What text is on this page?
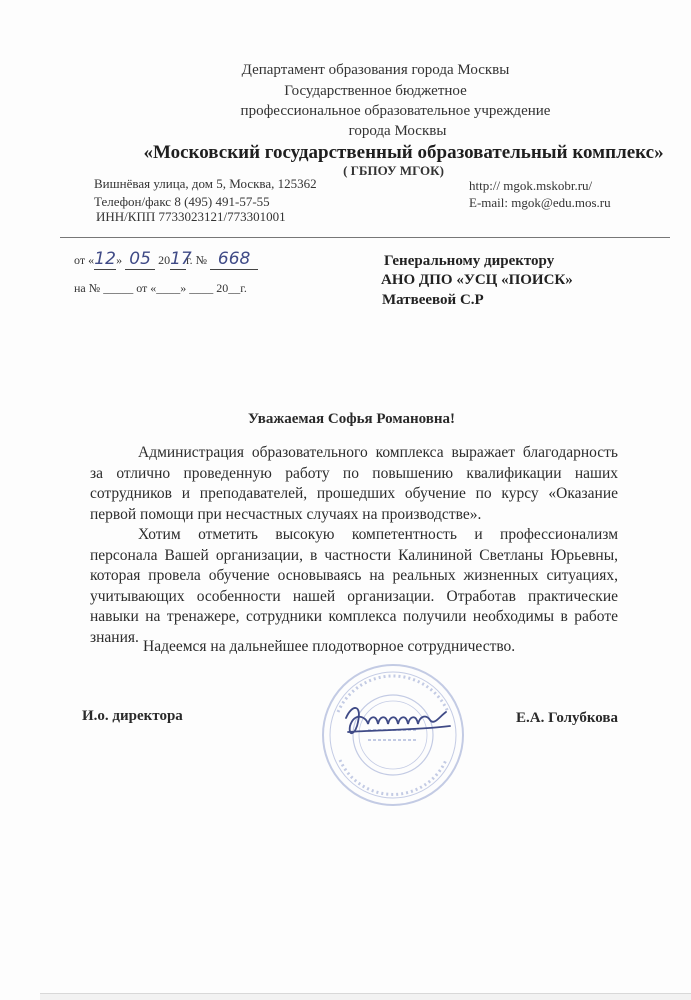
Департамент образования города Москвы
Государственное бюджетное
профессиональное образовательное учреждение
города Москвы
«Московский государственный образовательный комплекс»
( ГБПОУ МГОК)
Вишнёвая улица, дом 5, Москва, 125362
Телефон/факс 8 (495) 491-57-55
ИНН/КПП 7733023121/773301001
http:// mgok.mskobr.ru/
E-mail: mgok@edu.mos.ru
от «12» 05 2017г. № 668
на № _____ от «____» ____ 20__г.
Генеральному директору
АНО ДПО «УСЦ «ПОИСК»
Матвеевой С.Р
Уважаемая Софья Романовна!

Администрация образовательного комплекса выражает благодарность за отлично проведенную работу по повышению квалификации наших сотрудников и преподавателей, прошедших обучение по курсу «Оказание первой помощи при несчастных случаях на производстве».

Хотим отметить высокую компетентность и профессионализм персонала Вашей организации, в частности Калининой Светланы Юрьевны, которая провела обучение основываясь на реальных жизненных ситуациях, учитывающих особенности нашей организации. Отработав практические навыки на тренажере, сотрудники комплекса получили необходимы в работе знания.

Надеемся на дальнейшее плодотворное сотрудничество.
И.о. директора	Е.А. Голубкова
